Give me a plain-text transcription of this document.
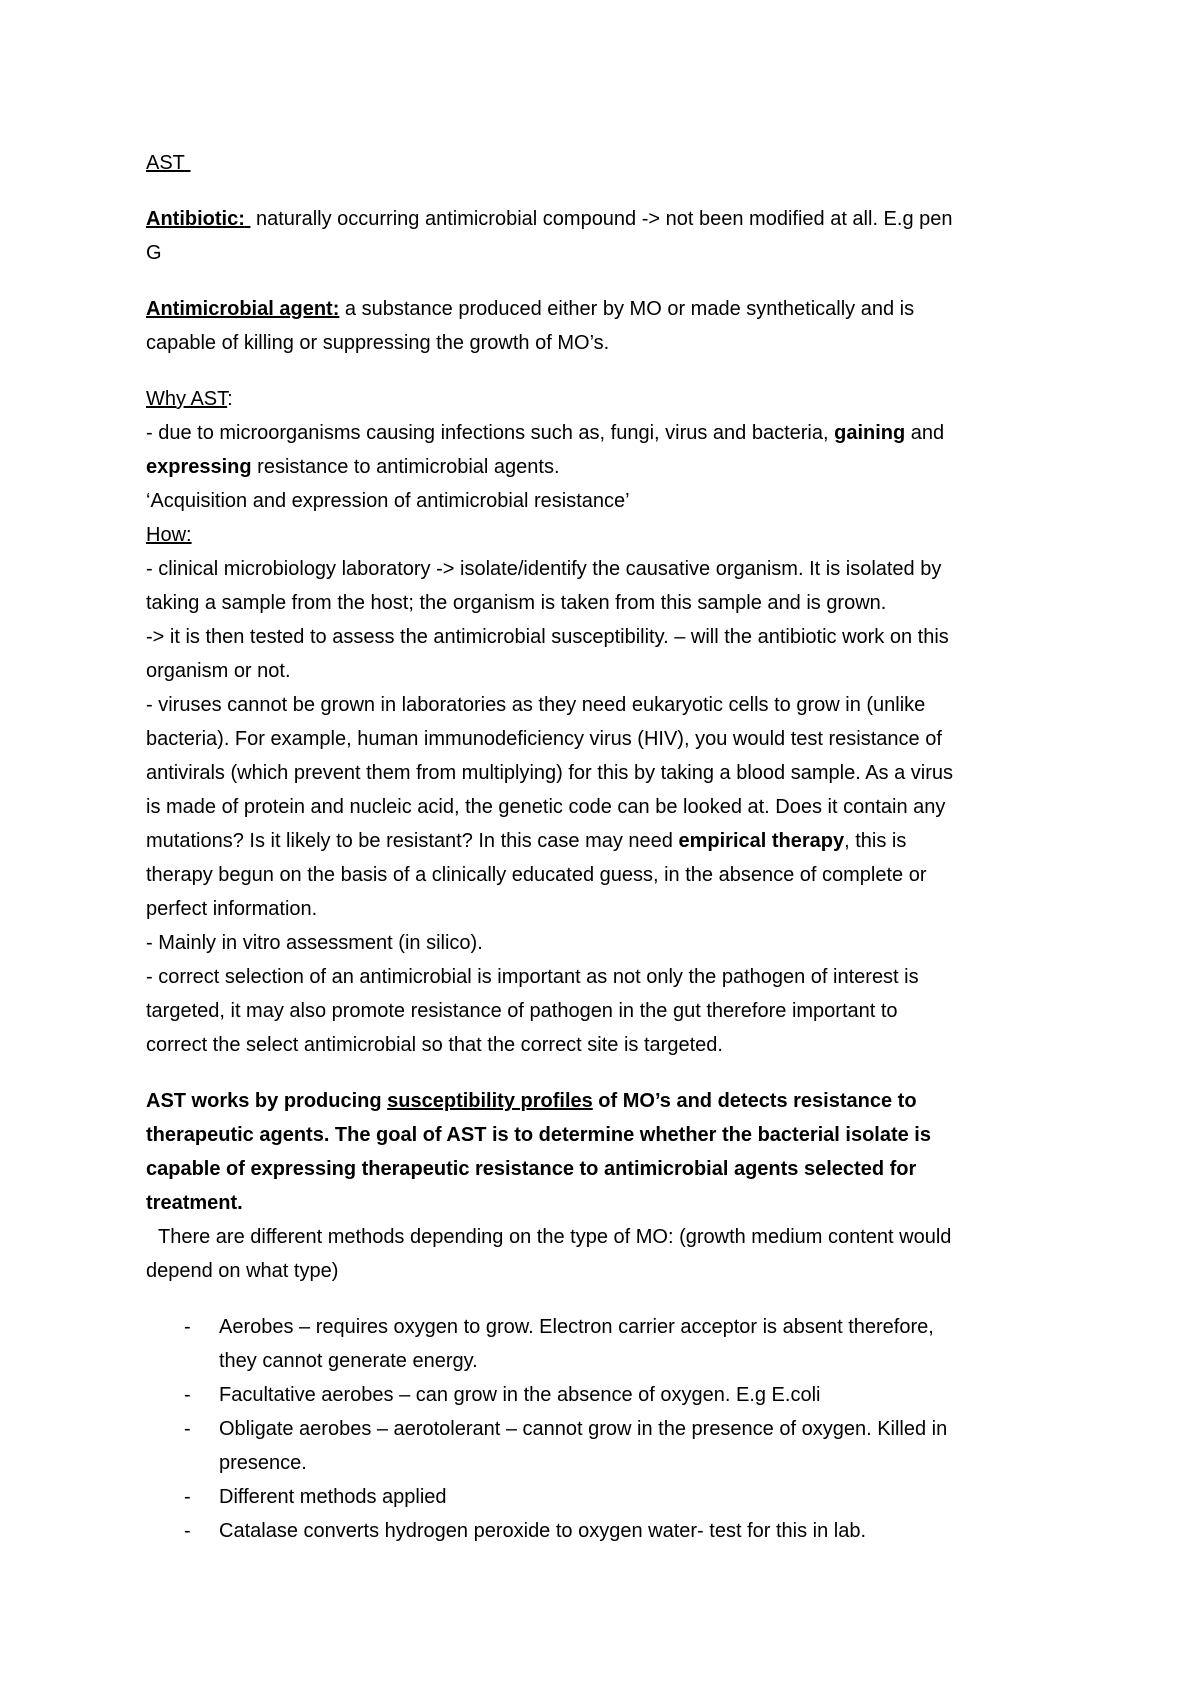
AST
Antibiotic:  naturally occurring antimicrobial compound -> not been modified at all. E.g pen
G
Antimicrobial agent: a substance produced either by MO or made synthetically and is
capable of killing or suppressing the growth of MO’s.
Why AST:
- due to microorganisms causing infections such as, fungi, virus and bacteria, gaining and
expressing resistance to antimicrobial agents.
‘Acquisition and expression of antimicrobial resistance’
How:
- clinical microbiology laboratory -> isolate/identify the causative organism. It is isolated by
taking a sample from the host; the organism is taken from this sample and is grown.
-> it is then tested to assess the antimicrobial susceptibility. – will the antibiotic work on this
organism or not.
- viruses cannot be grown in laboratories as they need eukaryotic cells to grow in (unlike
bacteria). For example, human immunodeficiency virus (HIV), you would test resistance of
antivirals (which prevent them from multiplying) for this by taking a blood sample. As a virus
is made of protein and nucleic acid, the genetic code can be looked at. Does it contain any
mutations? Is it likely to be resistant? In this case may need empirical therapy, this is
therapy begun on the basis of a clinically educated guess, in the absence of complete or
perfect information.
- Mainly in vitro assessment (in silico).
- correct selection of an antimicrobial is important as not only the pathogen of interest is
targeted, it may also promote resistance of pathogen in the gut therefore important to
correct the select antimicrobial so that the correct site is targeted.
AST works by producing susceptibility profiles of MO’s and detects resistance to
therapeutic agents. The goal of AST is to determine whether the bacterial isolate is
capable of expressing therapeutic resistance to antimicrobial agents selected for
treatment.
There are different methods depending on the type of MO: (growth medium content would
depend on what type)
- Aerobes – requires oxygen to grow. Electron carrier acceptor is absent therefore,
they cannot generate energy.
- Facultative aerobes – can grow in the absence of oxygen. E.g E.coli
- Obligate aerobes – aerotolerant – cannot grow in the presence of oxygen. Killed in
presence.
- Different methods applied
- Catalase converts hydrogen peroxide to oxygen water- test for this in lab.
